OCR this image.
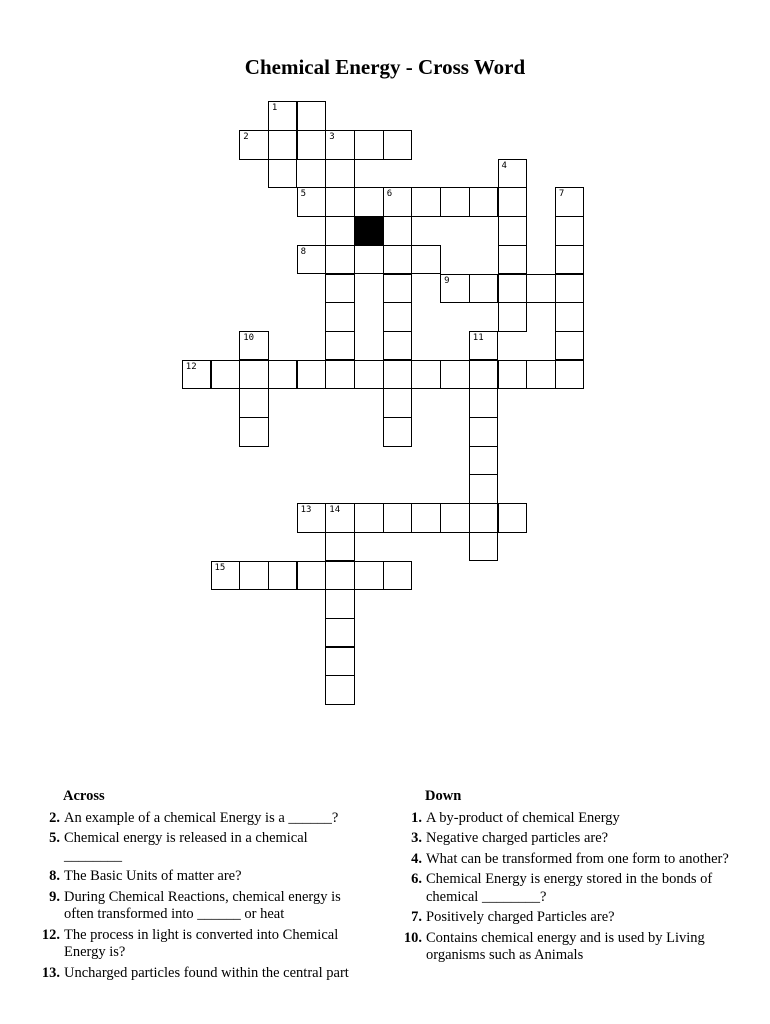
Chemical Energy - Cross Word
1
2	3
4
5	6	7
8
9
10	11
12
13 14
15
Across
2. An example of a chemical Energy is a ______?
5. Chemical energy is released in a chemical ________
8. The Basic Units of matter are?
9. During Chemical Reactions, chemical energy is often transformed into ______ or heat
12. The process in light is converted into Chemical Energy is?
13. Uncharged particles found within the central part
Down
1. A by-product of chemical Energy
3. Negative charged particles are?
4. What can be transformed from one form to another?
6. Chemical Energy is energy stored in the bonds of chemical ________?
7. Positively charged Particles are?
10. Contains chemical energy and is used by Living organisms such as Animals
